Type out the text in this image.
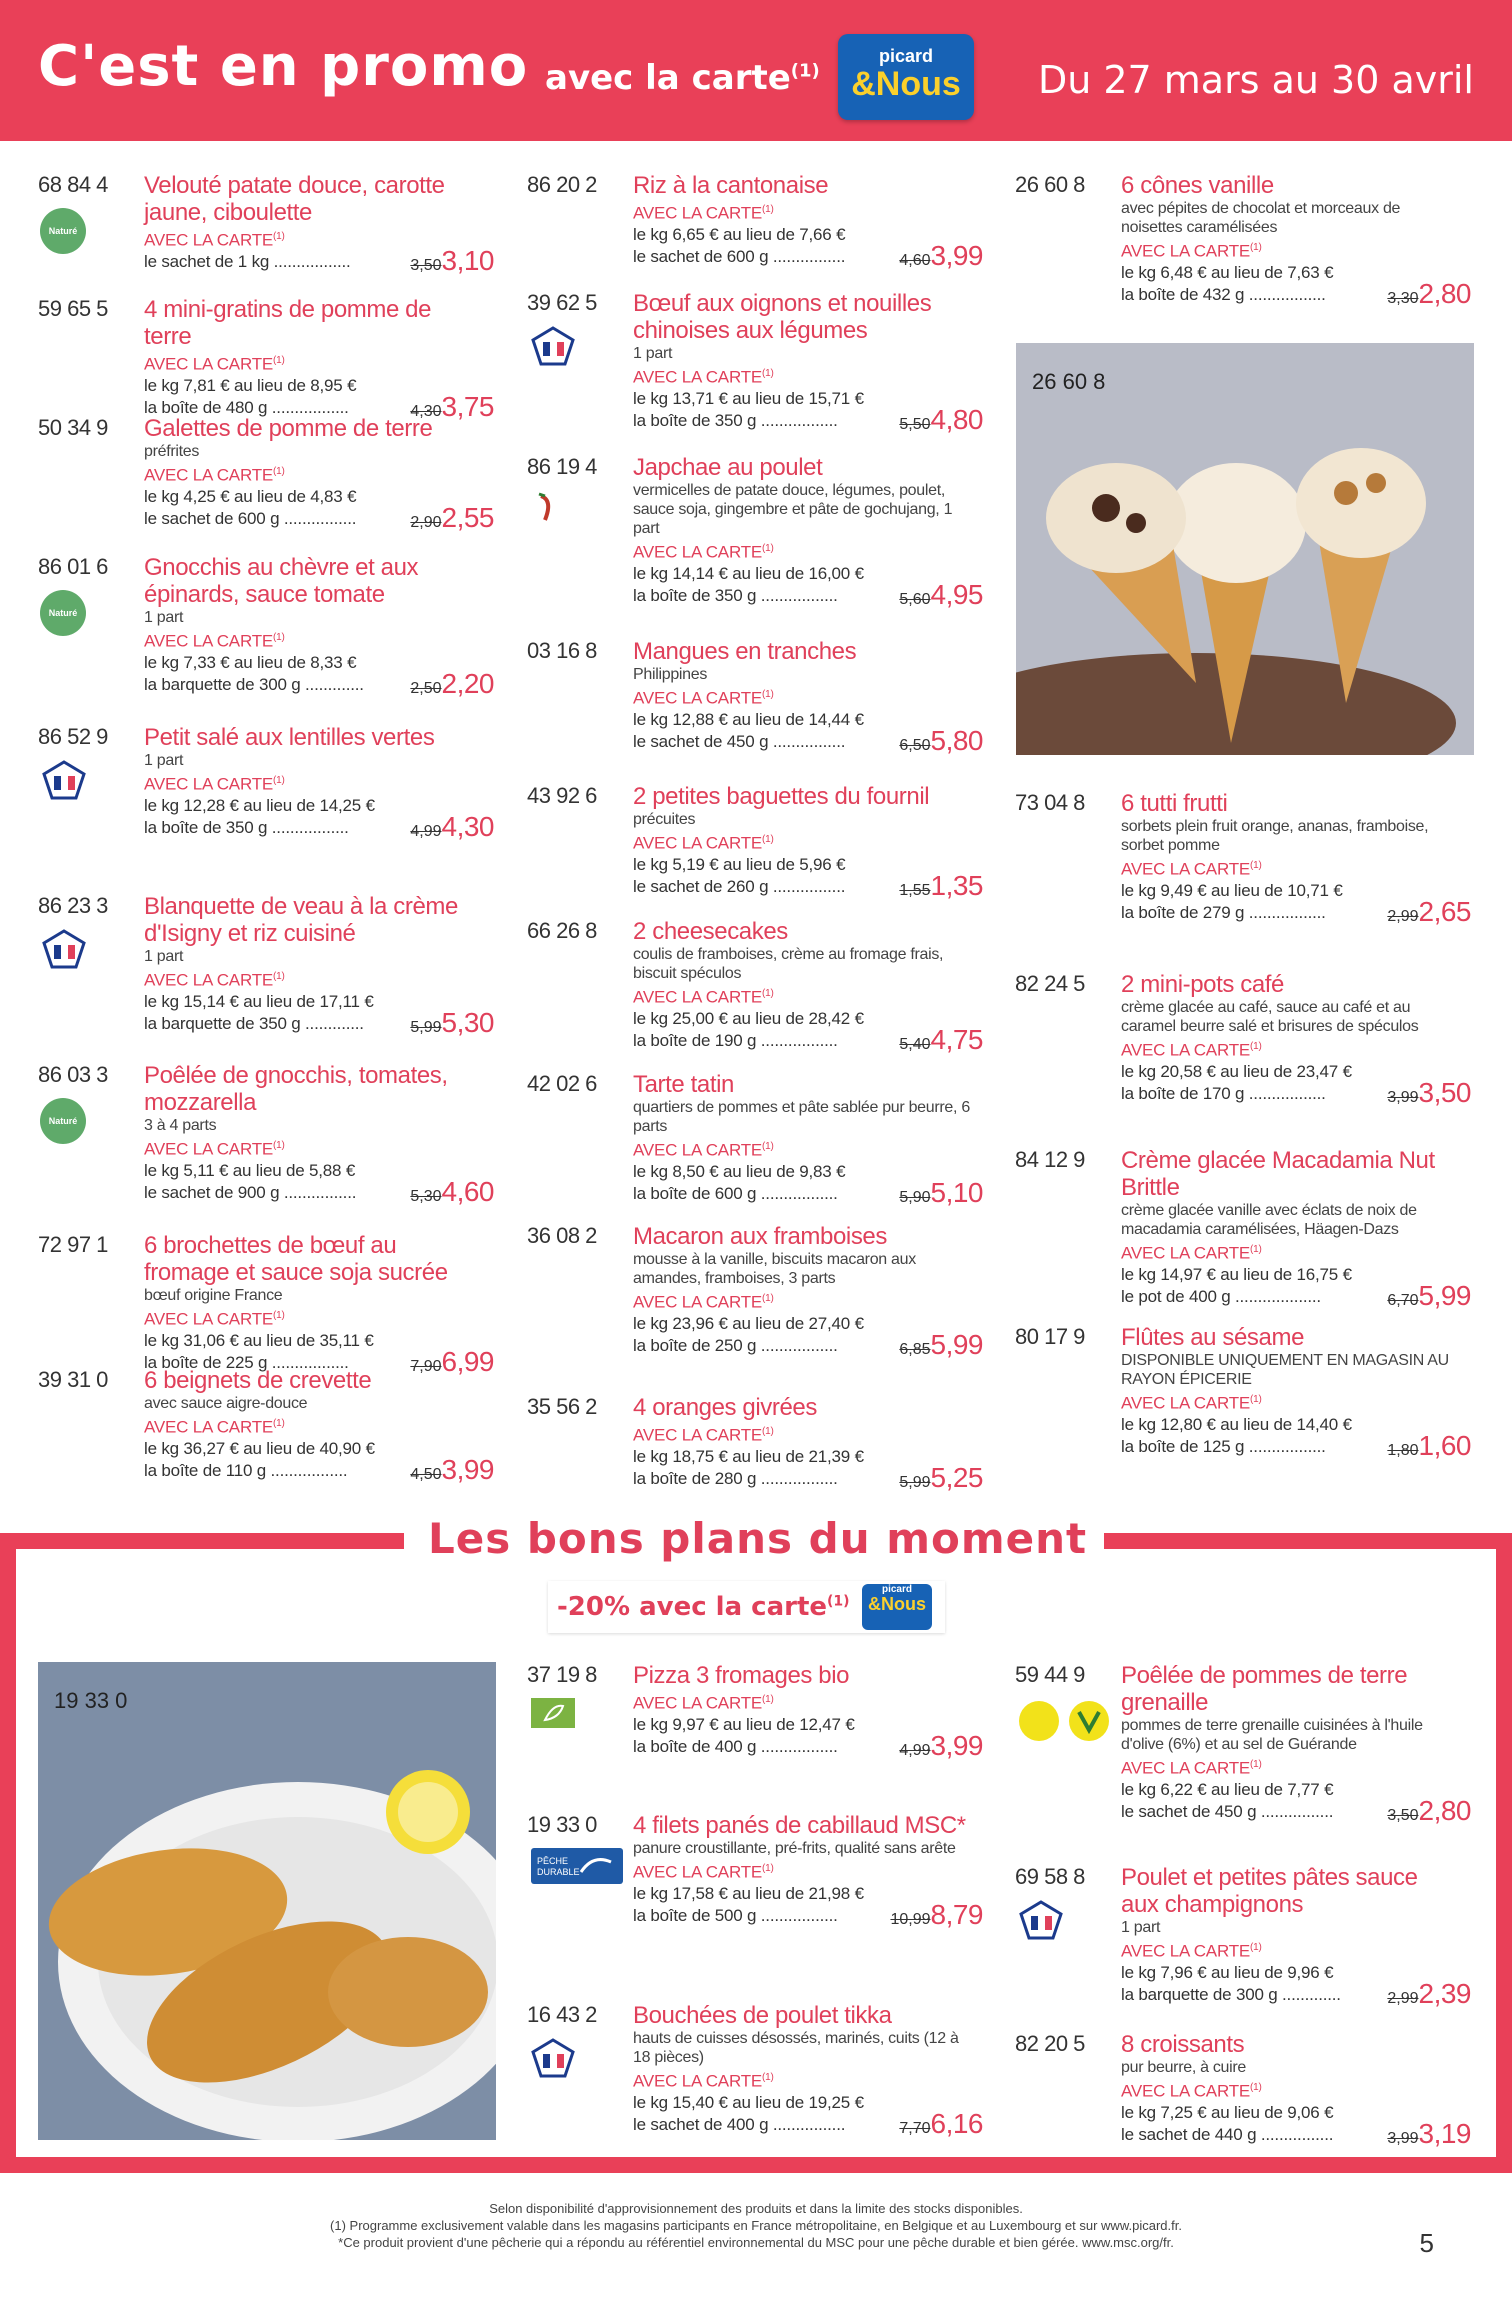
C'est en promo avec la carte$^{(1)}$
picard
&Nous	Du 27 mars au 30 avril
68 84 4
Naturé
Velouté patate douce, carotte jaune, ciboulette
AVEC LA CARTE$^{(1)}$
le sachet de 1 kg .................	3,503,10
59 65 5 4 mini-gratins de pomme de terre
AVEC LA CARTE$^{(1)}$
le kg 7,81 € au lieu de 8,95 €
la boîte de 480 g .................	4,303,75
50 34 9 Galettes de pomme de terre
préfrites
AVEC LA CARTE$^{(1)}$
le kg 4,25 € au lieu de 4,83 €
le sachet de 600 g ................	2,902,55
86 01 6
Naturé
Gnocchis au chèvre et aux épinards, sauce tomate
1 part
AVEC LA CARTE$^{(1)}$
le kg 7,33 € au lieu de 8,33 €
la barquette de 300 g .............	2,502,20
86 52 9 Petit salé aux lentilles vertes
1 part
AVEC LA CARTE$^{(1)}$
le kg 12,28 € au lieu de 14,25 €
la boîte de 350 g .................	4,994,30
86 23 3 Blanquette de veau à la crème d'Isigny et riz cuisiné
1 part
AVEC LA CARTE$^{(1)}$
le kg 15,14 € au lieu de 17,11 €
la barquette de 350 g .............	5,995,30
86 03 3
Naturé
Poêlée de gnocchis, tomates, mozzarella
3 à 4 parts
AVEC LA CARTE$^{(1)}$
le kg 5,11 € au lieu de 5,88 €
le sachet de 900 g ................	5,304,60
72 97 1 6 brochettes de bœuf au fromage et sauce soja sucrée
bœuf origine France
AVEC LA CARTE$^{(1)}$
le kg 31,06 € au lieu de 35,11 €
la boîte de 225 g .................	7,906,99
39 31 0 6 beignets de crevette
avec sauce aigre-douce
AVEC LA CARTE$^{(1)}$
le kg 36,27 € au lieu de 40,90 €
la boîte de 110 g .................	4,503,99
86 20 2 Riz à la cantonaise
AVEC LA CARTE$^{(1)}$
le kg 6,65 € au lieu de 7,66 €
le sachet de 600 g ................	4,603,99
39 62 5 Bœuf aux oignons et nouilles chinoises aux légumes
1 part
AVEC LA CARTE$^{(1)}$
le kg 13,71 € au lieu de 15,71 €
la boîte de 350 g .................	5,504,80
86 19 4 Japchae au poulet
vermicelles de patate douce, légumes, poulet, sauce soja, gingembre et pâte de gochujang, 1 part
AVEC LA CARTE$^{(1)}$
le kg 14,14 € au lieu de 16,00 €
la boîte de 350 g .................	5,604,95
03 16 8 Mangues en tranches
Philippines
AVEC LA CARTE$^{(1)}$
le kg 12,88 € au lieu de 14,44 €
le sachet de 450 g ................	6,505,80
43 92 6 2 petites baguettes du fournil
précuites
AVEC LA CARTE$^{(1)}$
le kg 5,19 € au lieu de 5,96 €
le sachet de 260 g ................	1,551,35
66 26 8 2 cheesecakes
coulis de framboises, crème au fromage frais, biscuit spéculos
AVEC LA CARTE$^{(1)}$
le kg 25,00 € au lieu de 28,42 €
la boîte de 190 g .................	5,404,75
42 02 6 Tarte tatin
quartiers de pommes et pâte sablée pur beurre, 6 parts
AVEC LA CARTE$^{(1)}$
le kg 8,50 € au lieu de 9,83 €
la boîte de 600 g .................	5,905,10
36 08 2 Macaron aux framboises
mousse à la vanille, biscuits macaron aux amandes, framboises, 3 parts
AVEC LA CARTE$^{(1)}$
le kg 23,96 € au lieu de 27,40 €
la boîte de 250 g .................	6,855,99
35 56 2 4 oranges givrées
AVEC LA CARTE$^{(1)}$
le kg 18,75 € au lieu de 21,39 €
la boîte de 280 g .................	5,995,25
26 60 8 6 cônes vanille
avec pépites de chocolat et morceaux de noisettes caramélisées
AVEC LA CARTE$^{(1)}$
le kg 6,48 € au lieu de 7,63 €
la boîte de 432 g .................	3,302,80
26 60 8
73 04 8 6 tutti frutti
sorbets plein fruit orange, ananas, framboise, sorbet pomme
AVEC LA CARTE$^{(1)}$
le kg 9,49 € au lieu de 10,71 €
la boîte de 279 g .................	2,992,65
82 24 5 2 mini-pots café
crème glacée au café, sauce au café et au caramel beurre salé et brisures de spéculos
AVEC LA CARTE$^{(1)}$
le kg 20,58 € au lieu de 23,47 €
la boîte de 170 g .................	3,993,50
84 12 9 Crème glacée Macadamia Nut Brittle
crème glacée vanille avec éclats de noix de macadamia caramélisées, Häagen-Dazs
AVEC LA CARTE$^{(1)}$
le kg 14,97 € au lieu de 16,75 €
le pot de 400 g ...................	6,705,99
80 17 9 Flûtes au sésame
DISPONIBLE UNIQUEMENT EN MAGASIN AU RAYON ÉPICERIE
AVEC LA CARTE$^{(1)}$
le kg 12,80 € au lieu de 14,40 €
la boîte de 125 g .................	1,801,60
Les bons plans du moment
-20% avec la carte$^{(1)}$
picard
&Nous
19 33 0
37 19 8 Pizza 3 fromages bio
AVEC LA CARTE$^{(1)}$
le kg 9,97 € au lieu de 12,47 €
la boîte de 400 g .................	4,993,99
19 33 0
PÊCHE
DURABLE
4 filets panés de cabillaud MSC*
panure croustillante, pré-frits, qualité sans arête
AVEC LA CARTE$^{(1)}$
le kg 17,58 € au lieu de 21,98 €
la boîte de 500 g .................	10,998,79
16 43 2 Bouchées de poulet tikka
hauts de cuisses désossés, marinés, cuits (12 à 18 pièces)
AVEC LA CARTE$^{(1)}$
le kg 15,40 € au lieu de 19,25 €
le sachet de 400 g ................	7,706,16
59 44 9 Poêlée de pommes de terre grenaille
pommes de terre grenaille cuisinées à l'huile d'olive (6%) et au sel de Guérande
AVEC LA CARTE$^{(1)}$
le kg 6,22 € au lieu de 7,77 €
le sachet de 450 g ................	3,502,80
69 58 8 Poulet et petites pâtes sauce aux champignons
1 part
AVEC LA CARTE$^{(1)}$
le kg 7,96 € au lieu de 9,96 €
la barquette de 300 g .............	2,992,39
82 20 5 8 croissants
pur beurre, à cuire
AVEC LA CARTE$^{(1)}$
le kg 7,25 € au lieu de 9,06 €
le sachet de 440 g ................	3,993,19
Selon disponibilité d'approvisionnement des produits et dans la limite des stocks disponibles.
(1) Programme exclusivement valable dans les magasins participants en France métropolitaine, en Belgique et au Luxembourg et sur www.picard.fr.
*Ce produit provient d'une pêcherie qui a répondu au référentiel environnemental du MSC pour une pêche durable et bien gérée. www.msc.org/fr.	5
